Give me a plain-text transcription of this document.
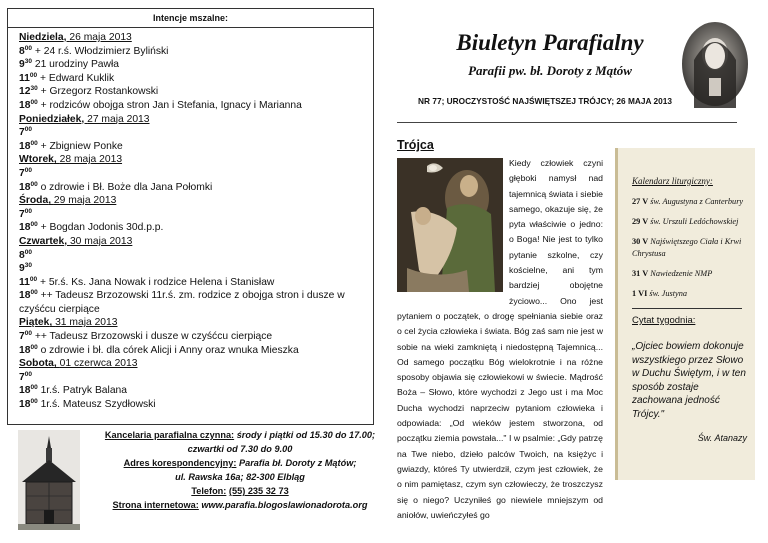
Intencje mszalne:
Niedziela, 26 maja 2013
$8^{00} + 24$ r.ś. Włodzimierz Byliński
$9^{30}$ 21 urodziny Pawła
$11^{00}$ + Edward Kuklik
$12^{30}$ + Grzegorz Rostankowski
$18^{00}$ + rodziców obojga stron Jan i Stefania, Ignacy i Marianna
Poniedziałek, 27 maja 2013
$7^{00}$
$18^{00}$ + Zbigniew Ponke
Wtorek, 28 maja 2013
$7^{00}$
$18^{00}$ o zdrowie i Bł. Boże dla Jana Połomki
Środa, 29 maja 2013
$7^{00}$
$18^{00}$ + Bogdan Jodonis 30d.p.p.
Czwartek, 30 maja 2013
$8^{00}$
$9^{30}$
$11^{00}$ + 5r.ś. Ks. Jana Nowak i rodzice Helena i Stanisław
$18^{00}$ ++ Tadeusz Brzozowski 11r.ś. zm. rodzice z obojga stron i dusze w czyśćcu cierpiące
Piątek, 31 maja 2013
$7^{00}$ ++ Tadeusz Brzozowski i dusze w czyśćcu cierpiące
$18^{00}$ o zdrowie i bł. dla córek Alicji i Anny oraz wnuka Mieszka
Sobota, 01 czerwca 2013
$7^{00}$
$18^{00}$ 1r.ś. Patryk Balana
$18^{00}$ 1r.ś. Mateusz Szydłowski
Kancelaria parafialna czynna: środy i piątki od 15.30 do 17.00;
czwartki od 7.30 do 9.00
Adres korespondencyjny: Parafia bł. Doroty z Mątów;
ul. Rawska 16a; 82-300 Elbląg
Telefon: (55) 235 32 73
Strona internetowa: www.parafia.blogoslawionadorota.org
Biuletyn Parafialny
Parafii pw. bł. Doroty z Mątów
NR 77; UROCZYSTOŚĆ NAJŚWIĘTSZEJ TRÓJCY; 26 MAJA 2013
Trójca
Kiedy człowiek czyni głęboki namysł nad tajemnicą świata i siebie samego, okazuje się, że pyta właściwie o jedno: o Boga! Nie jest to tylko pytanie szkolne, czy kościelne, ani tym bardziej obojętne życiowo... Ono jest pytaniem o początek, o drogę spełniania siebie oraz o cel życia człowieka i świata. Bóg zaś sam nie jest w sobie na wieki zamkniętą i niedostępną Tajemnicą... Od samego początku Bóg wielokrotnie i na różne sposoby objawia się człowiekowi w świecie. Mądrość Boża – Słowo, które wychodzi z Jego ust i ma Moc Ducha wychodzi naprzeciw pytaniom człowieka i odpowiada: „Od wieków jestem stworzona, od początku ziemia powstała..." I w psalmie: „Gdy patrzę na Twe niebo, dzieło palców Twoich, na księżyc i gwiazdy, któreś Ty utwierdził, czym jest człowiek, że o nim pamiętasz, czym syn człowieczy, że troszczysz się o niego? Uczyniłeś go niewiele mniejszym od aniołów, uwieńczyłeś go
Kalendarz liturgiczny:
27 V św. Augustyna z Canterbury
29 V św. Urszuli Ledóchowskiej
30 V Najświętszego Ciała i Krwi Chrystusa
31 V Nawiedzenie NMP
1 VI św. Justyna
Cytat tygodnia:
„Ojciec bowiem dokonuje wszystkiego przez Słowo w Duchu Świętym, i w ten sposób zostaje zachowana jedność Trójcy."
Św. Atanazy
